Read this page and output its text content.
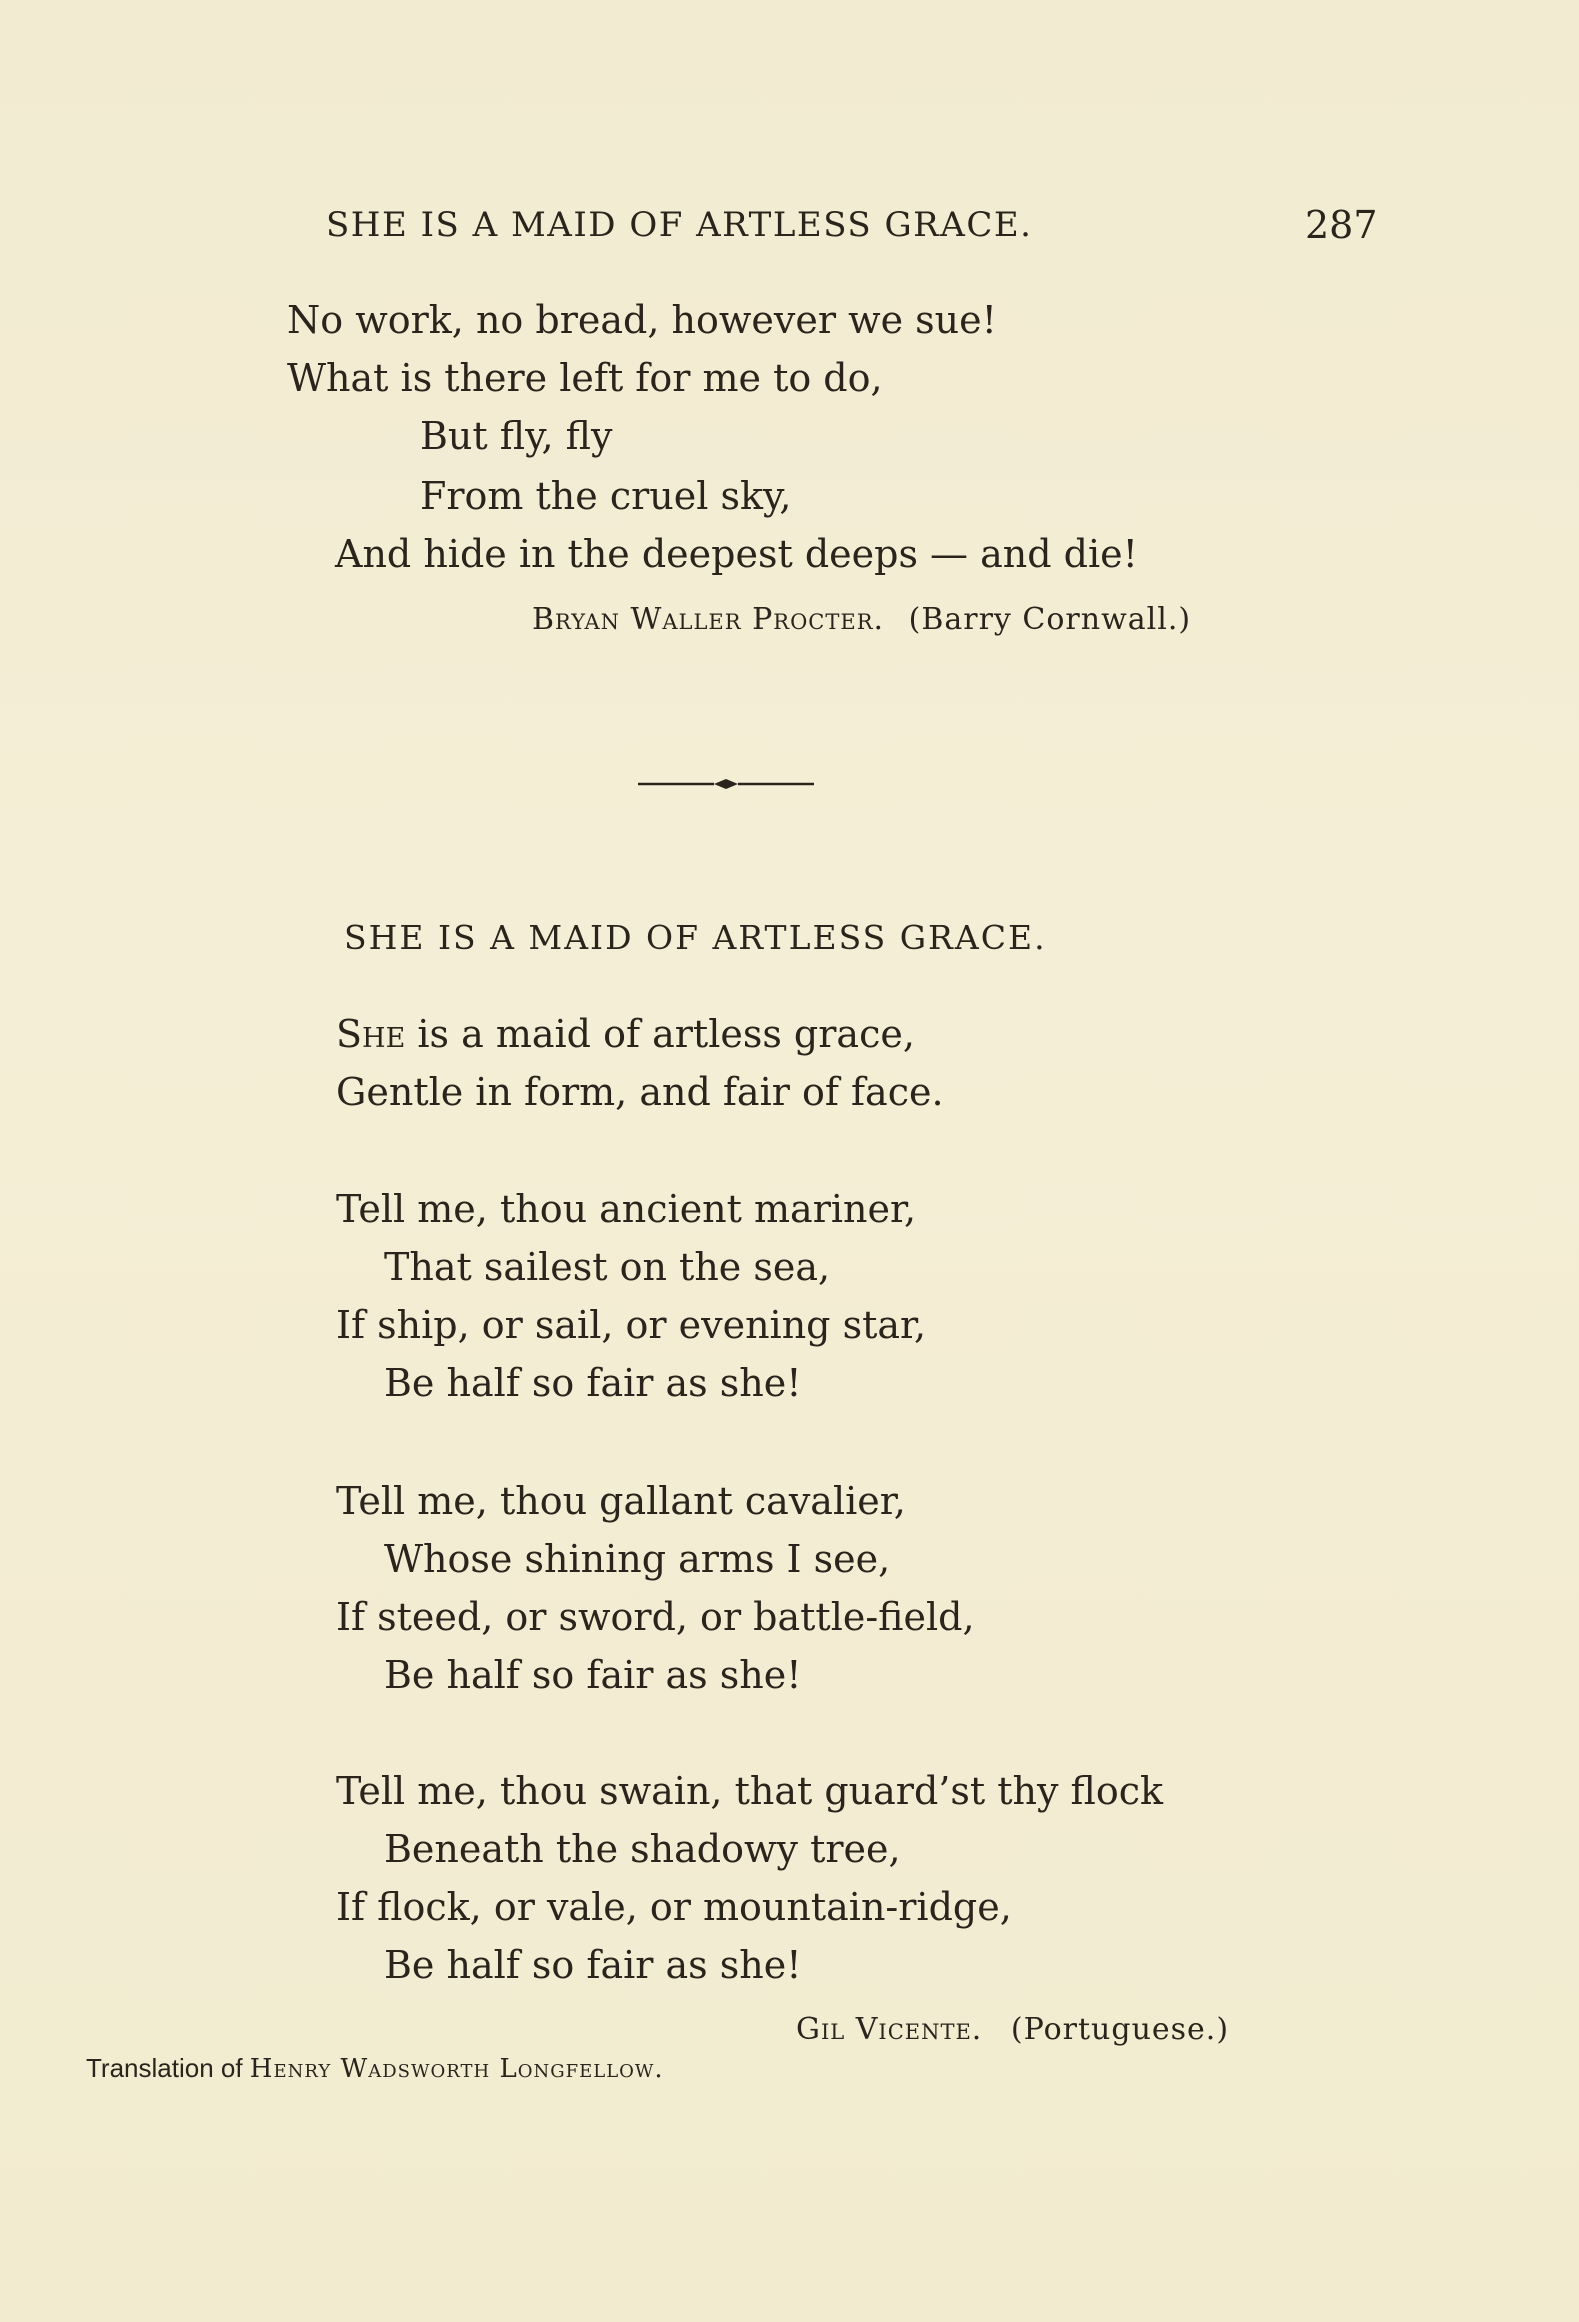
SHE IS A MAID OF ARTLESS GRACE.	287
No work, no bread, however we sue!
What is there left for me to do,
But fly, fly
From the cruel sky,
And hide in the deepest deeps — and die!
Bryan Waller Procter. (Barry Cornwall.)
SHE IS A MAID OF ARTLESS GRACE.
She is a maid of artless grace,
Gentle in form, and fair of face.
Tell me, thou ancient mariner,
That sailest on the sea,
If ship, or sail, or evening star,
Be half so fair as she!
Tell me, thou gallant cavalier,
Whose shining arms I see,
If steed, or sword, or battle-field,
Be half so fair as she!
Tell me, thou swain, that guard’st thy flock
Beneath the shadowy tree,
If flock, or vale, or mountain-ridge,
Be half so fair as she!
Gil Vicente. (Portuguese.)
Translation of Henry Wadsworth Longfellow.
